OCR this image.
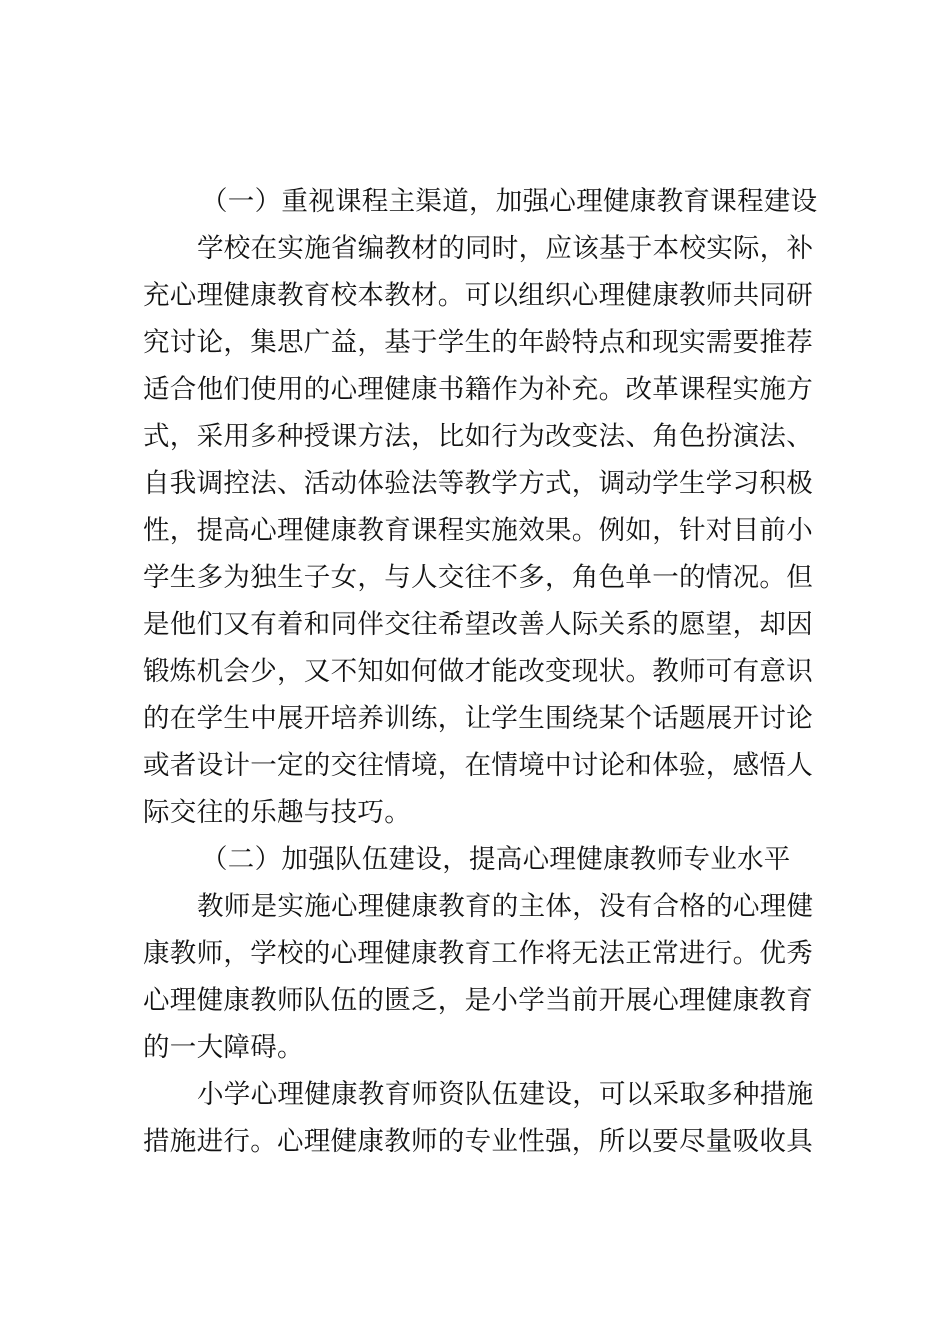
（一）重视课程主渠道，加强心理健康教育课程建设
学校在实施省编教材的同时，应该基于本校实际，补
充心理健康教育校本教材。可以组织心理健康教师共同研
究讨论，集思广益，基于学生的年龄特点和现实需要推荐
适合他们使用的心理健康书籍作为补充。改革课程实施方
式，采用多种授课方法，比如行为改变法、角色扮演法、
自我调控法、活动体验法等教学方式，调动学生学习积极
性，提高心理健康教育课程实施效果。例如，针对目前小
学生多为独生子女，与人交往不多，角色单一的情况。但
是他们又有着和同伴交往希望改善人际关系的愿望，却因
锻炼机会少，又不知如何做才能改变现状。教师可有意识
的在学生中展开培养训练，让学生围绕某个话题展开讨论
或者设计一定的交往情境，在情境中讨论和体验，感悟人
际交往的乐趣与技巧。
（二）加强队伍建设，提高心理健康教师专业水平
教师是实施心理健康教育的主体，没有合格的心理健
康教师，学校的心理健康教育工作将无法正常进行。优秀
心理健康教师队伍的匮乏，是小学当前开展心理健康教育
的一大障碍。
小学心理健康教育师资队伍建设，可以采取多种措施
措施进行。心理健康教师的专业性强，所以要尽量吸收具
